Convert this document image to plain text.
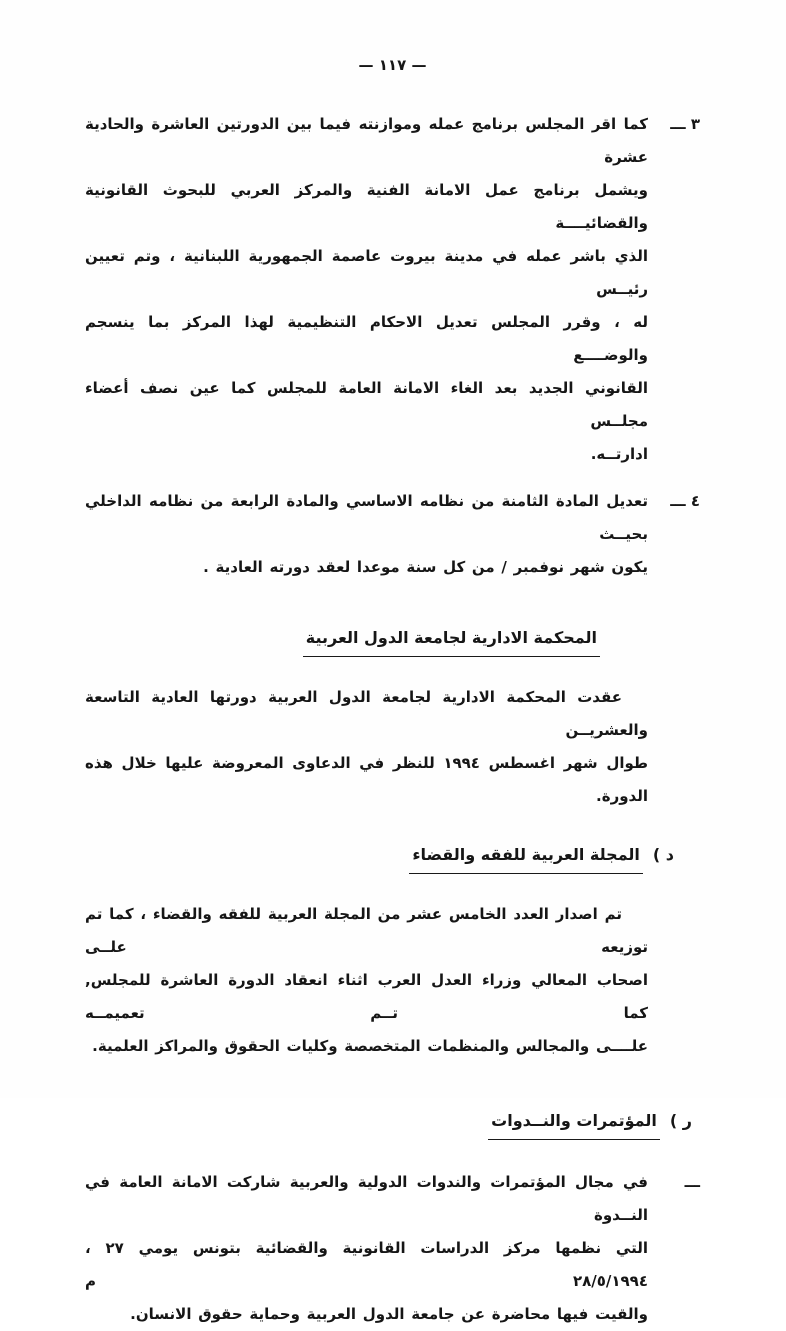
— ١١٧ —
٣ ـــ
كما اقر المجلس برنامج عمله وموازنته فيما بين الدورتين العاشرة والحادية عشرة
ويشمل برنامج عمل الامانة الفنية والمركز العربي للبحوث القانونية والقضائيــــة
الذي باشر عمله في مدينة بيروت عاصمة الجمهورية اللبنانية ، وتم تعيين رئيــس
له ، وقرر المجلس تعديل الاحكام التنظيمية لهذا المركز بما ينسجم والوضــــع
القانوني الجديد بعد الغاء الامانة العامة للمجلس كما عين نصف أعضاء مجلــس
ادارتــه.
٤ ـــ
تعديل المادة الثامنة من نظامه الاساسي والمادة الرابعة من نظامه الداخلي بحيــث
يكون شهر نوفمبر / من كل سنة موعدا لعقد دورته العادية .
المحكمة الادارية لجامعة الدول العربية
عقدت المحكمة الادارية لجامعة الدول العربية دورتها العادية التاسعة والعشريــن
طوال شهر اغسطس ١٩٩٤ للنظر في الدعاوى المعروضة عليها خلال هذه الدورة.
د )
المجلة العربية للفقه والقضاء
تم اصدار العدد الخامس عشر من المجلة العربية للفقه والقضاء ، كما تم توزيعه علــى
اصحاب المعالي وزراء العدل العرب اثناء انعقاد الدورة العاشرة للمجلس, كما تــم تعميمــه
علــــى والمجالس والمنظمات المتخصصة وكليات الحقوق والمراكز العلمية.
ر )
المؤتمرات والنــدوات
ـــ
في مجال المؤتمرات والندوات الدولية والعربية شاركت الامانة العامة في النــدوة
التي نظمها مركز الدراسات القانونية والقضائية بتونس يومي ٢٧ ، ٢٨/٥/١٩٩٤ م
والقيت فيها محاضرة عن جامعة الدول العربية وحماية حقوق الانسان.
